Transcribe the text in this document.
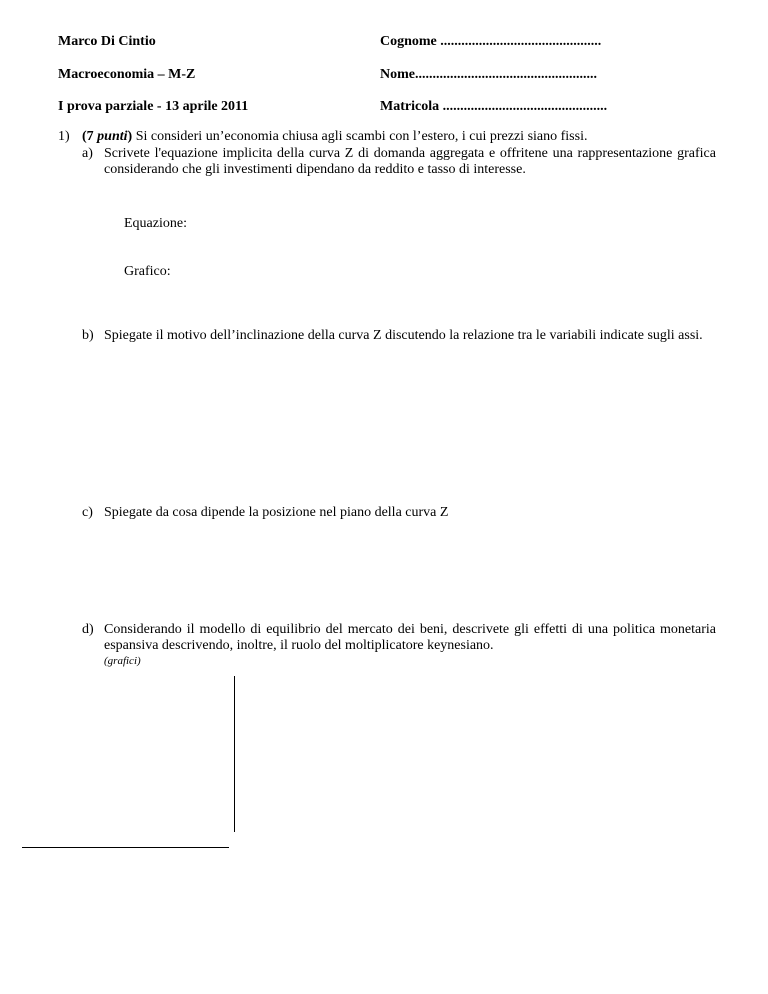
Marco Di Cintio
Macroeconomia – M-Z
I prova parziale - 13 aprile 2011
Cognome ..............................................
Nome....................................................
Matricola ...............................................
1) (7 punti) Si consideri un’economia chiusa agli scambi con l’estero, i cui prezzi siano fissi.
a) Scrivete l'equazione implicita della curva Z di domanda aggregata e offritene una rappresentazione grafica considerando che gli investimenti dipendano da reddito e tasso di interesse.
Equazione:
Grafico:
b) Spiegate il motivo dell’inclinazione della curva Z discutendo la relazione tra le variabili indicate sugli assi.
c) Spiegate da cosa dipende la posizione nel piano della curva Z
d) Considerando il modello di equilibrio del mercato dei beni, descrivete gli effetti di una politica monetaria espansiva descrivendo, inoltre, il ruolo del moltiplicatore keynesiano.
(grafici)
